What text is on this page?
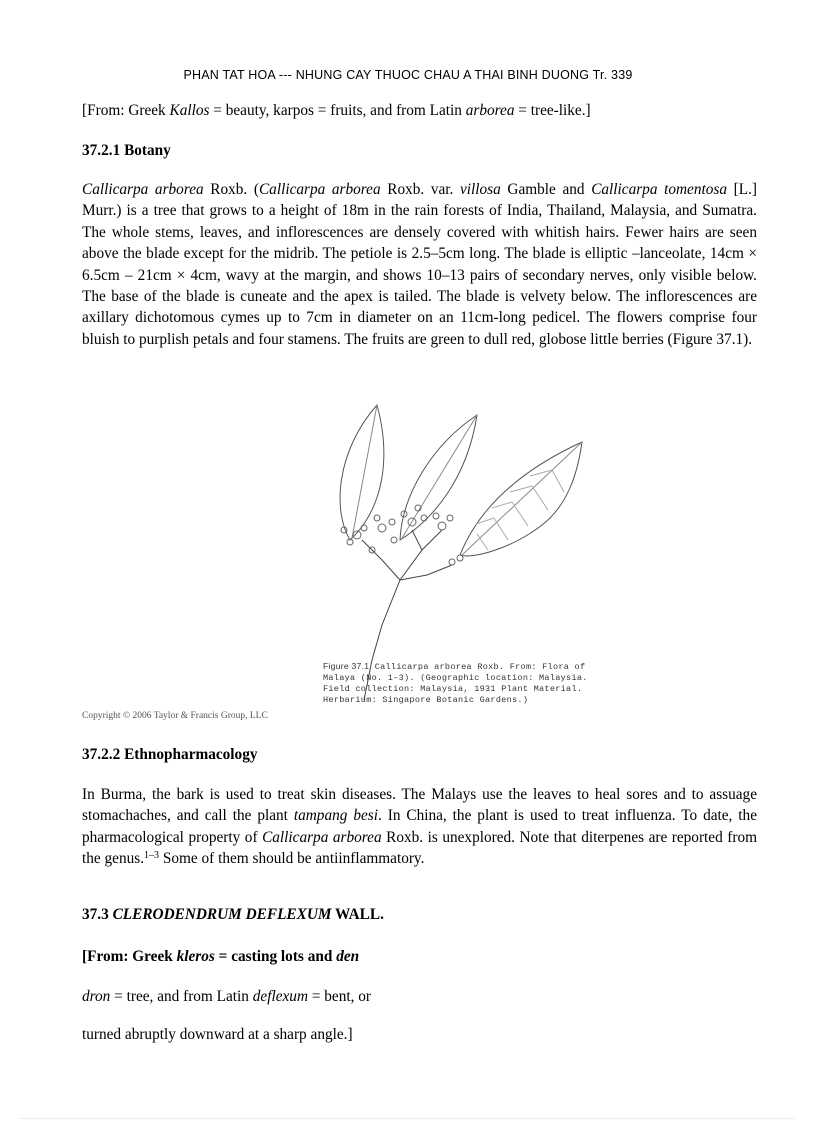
PHAN TAT HOA --- NHUNG CAY THUOC CHAU A THAI BINH DUONG Tr. 339

[From: Greek Kallos = beauty, karpos = fruits, and from Latin arborea = tree-like.]

37.2.1 Botany

Callicarpa arborea Roxb. (Callicarpa arborea Roxb. var. villosa Gamble and Callicarpa tomentosa [L.] Murr.) is a tree that grows to a height of 18m in the rain forests of India, Thailand, Malaysia, and Sumatra. The whole stems, leaves, and inflorescences are densely covered with whitish hairs. Fewer hairs are seen above the blade except for the midrib. The petiole is 2.5–5cm long. The blade is elliptic –lanceolate, 14cm × 6.5cm – 21cm × 4cm, wavy at the margin, and shows 10–13 pairs of secondary nerves, only visible below. The base of the blade is cuneate and the apex is tailed. The blade is velvety below. The inflorescences are axillary dichotomous cymes up to 7cm in diameter on an 11cm-long pedicel. The flowers comprise four bluish to purplish petals and four stamens. The fruits are green to dull red, globose little berries (Figure 37.1).

Figure 37.1 Callicarpa arborea Roxb. From: Flora of Malaya (No. 1–3). (Geographic location: Malaysia. Field collection: Malaysia, 1931 Plant Material. Herbarium: Singapore Botanic Gardens.)
Copyright © 2006 Taylor & Francis Group, LLC
37.2.2 Ethnopharmacology

In Burma, the bark is used to treat skin diseases. The Malays use the leaves to heal sores and to assuage stomachaches, and call the plant tampang besi. In China, the plant is used to treat influenza. To date, the pharmacological property of Callicarpa arborea Roxb. is unexplored. Note that diterpenes are reported from the genus.$^{1-3}$ Some of them should be antiinflammatory.

37.3 CLERODENDRUM DEFLEXUM WALL.

[From: Greek kleros = casting lots and den

dron = tree, and from Latin deflexum = bent, or

turned abruptly downward at a sharp angle.]
